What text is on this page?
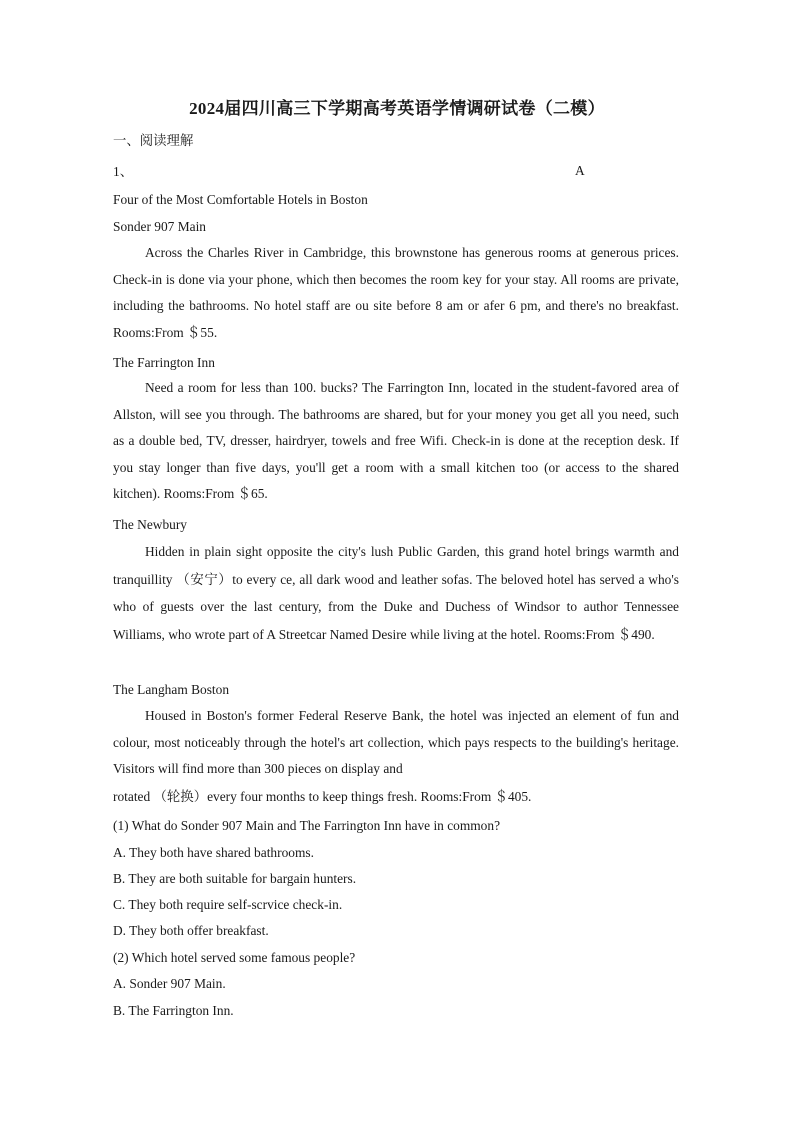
2024届四川高三下学期高考英语学情调研试卷（二模）
一、阅读理解
1、	A
Four of the Most Comfortable Hotels in Boston
Sonder 907 Main
Across the Charles River in Cambridge, this brownstone has generous rooms at generous prices. Check-in is done via your phone, which then becomes the room key for your stay. All rooms are private, including the bathrooms. No hotel staff are ou site before 8 am or afer 6 pm, and there's no breakfast. Rooms:From ＄55.
The Farrington Inn
Need a room for less than 100. bucks? The Farrington Inn, located in the student-favored area of Allston, will see you through. The bathrooms are shared, but for your money you get all you need, such as a double bed, TV, dresser, hairdryer, towels and free Wifi. Check-in is done at the reception desk. If you stay longer than five days, you'll get a room with a small kitchen too (or access to the shared kitchen). Rooms:From ＄65.
The Newbury
Hidden in plain sight opposite the city's lush Public Garden, this grand hotel brings warmth and tranquillity （安宁）to every ce, all dark wood and leather sofas. The beloved hotel has served a who's who of guests over the last century, from the Duke and Duchess of Windsor to author Tennessee Williams, who wrote part of A Streetcar Named Desire while living at the hotel. Rooms:From ＄490.
The Langham Boston
Housed in Boston's former Federal Reserve Bank, the hotel was injected an element of fun and colour, most noticeably through the hotel's art collection, which pays respects to the building's heritage. Visitors will find more than 300 pieces on display and
rotated （轮换）every four months to keep things fresh. Rooms:From ＄405.
(1) What do Sonder 907 Main and The Farrington Inn have in common?
A. They both have shared bathrooms.
B. They are both suitable for bargain hunters.
C. They both require self-scrvice check-in.
D. They both offer breakfast.
(2) Which hotel served some famous people?
A. Sonder 907 Main.
B. The Farrington Inn.
